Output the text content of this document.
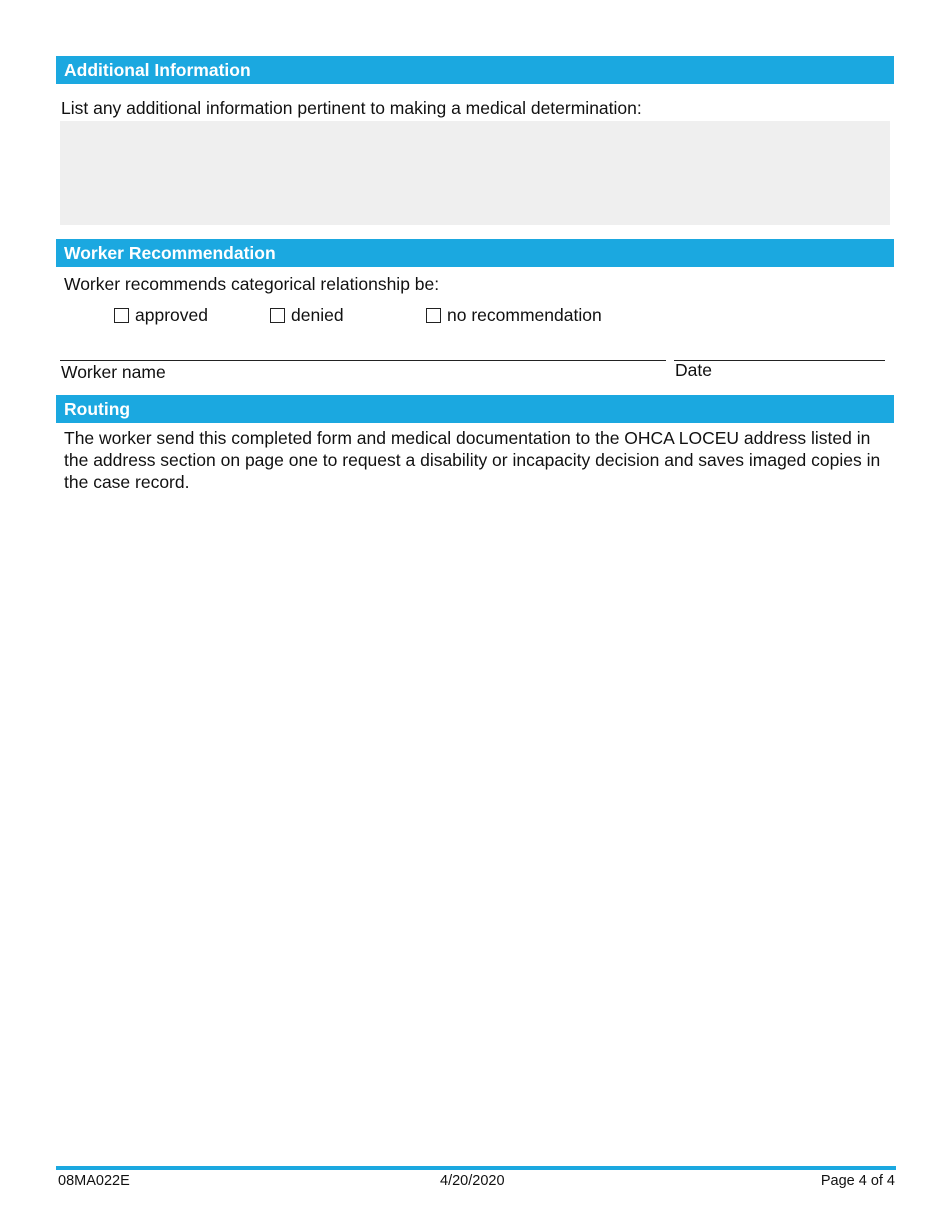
Additional Information
List any additional information pertinent to making a medical determination:
Worker Recommendation
Worker recommends categorical relationship be:
approved	denied	no recommendation
Worker name	Date
Routing
The worker send this completed form and medical documentation to the OHCA LOCEU address listed in the address section on page one to request a disability or incapacity decision and saves imaged copies in the case record.
08MA022E	4/20/2020	Page 4 of 4
